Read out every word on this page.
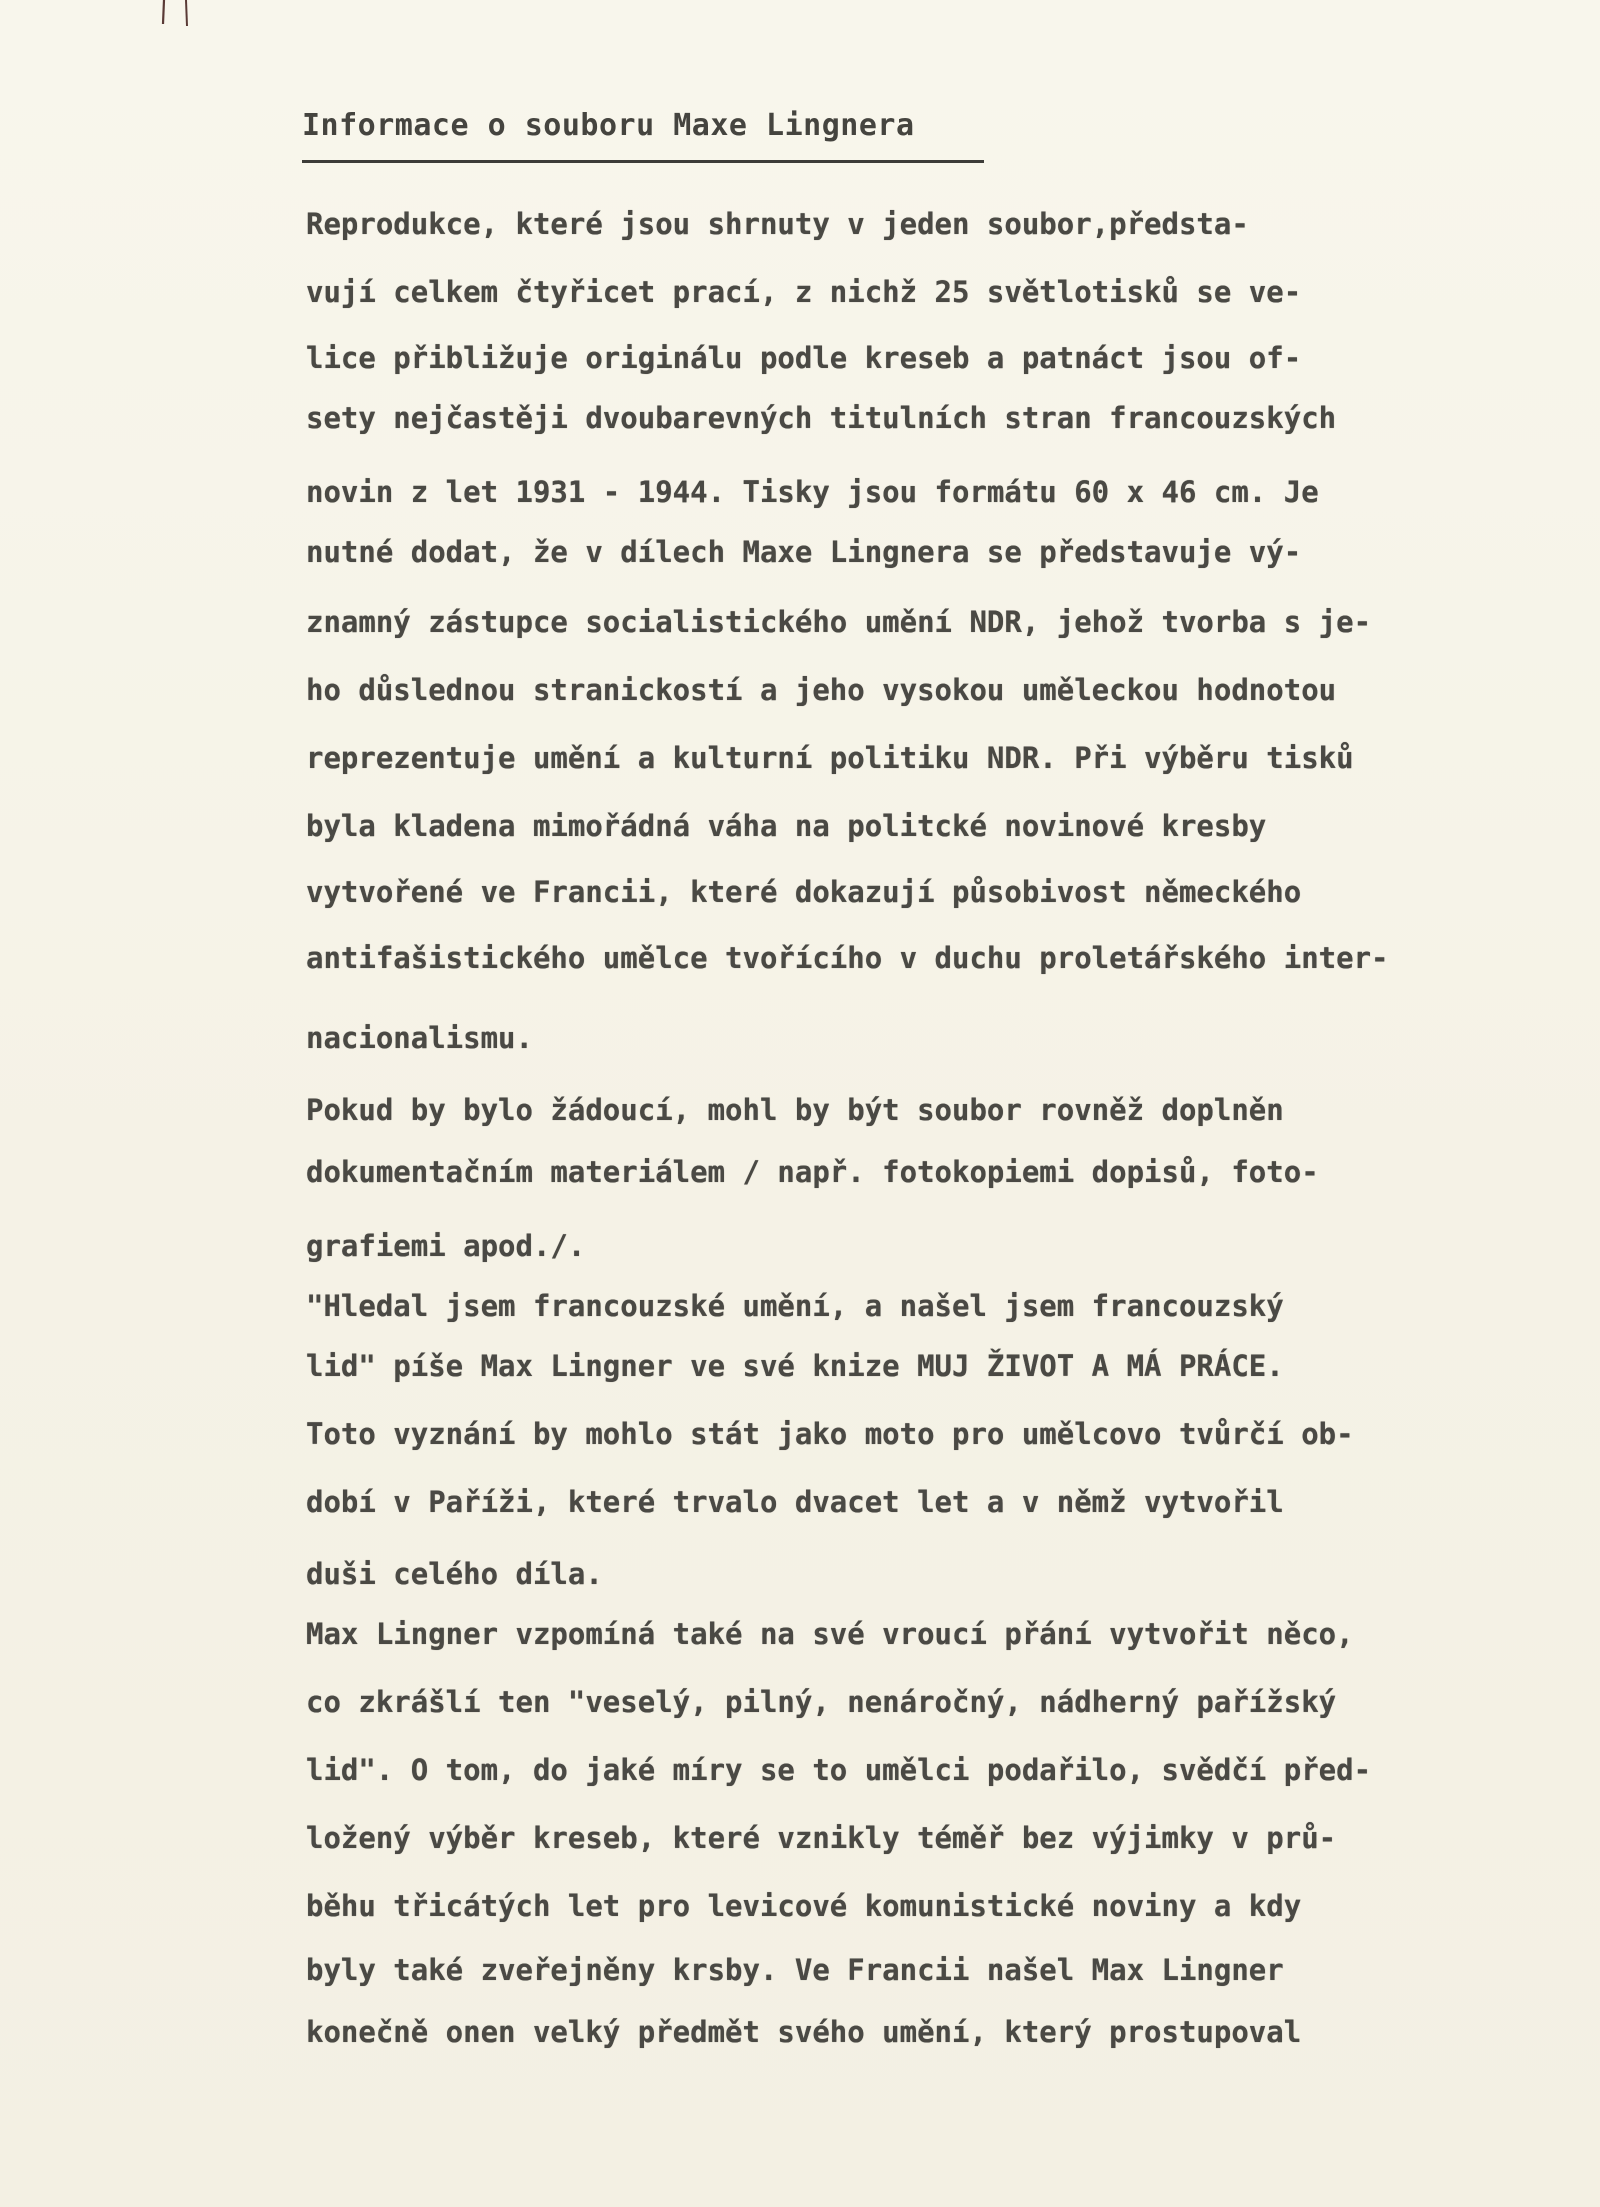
Informace o souboru Maxe Lingnera

Reprodukce, které jsou shrnuty v jeden soubor,předsta-

vují celkem čtyřicet prací, z nichž 25 světlotisků se ve-

lice přibližuje originálu podle kreseb a patnáct jsou of-

sety nejčastěji dvoubarevných titulních stran francouzských

novin z let 1931 - 1944. Tisky jsou formátu 60 x 46 cm. Je

nutné dodat, že v dílech Maxe Lingnera se představuje vý-

znamný zástupce socialistického umění NDR, jehož tvorba s je-

ho důslednou stranickostí a jeho vysokou uměleckou hodnotou

reprezentuje umění a kulturní politiku NDR. Při výběru tisků

byla kladena mimořádná váha na politcké novinové kresby

vytvořené ve Francii, které dokazují působivost německého

antifašistického umělce tvořícího v duchu proletářského inter-

nacionalismu.

Pokud by bylo žádoucí, mohl by být soubor rovněž doplněn

dokumentačním materiálem / např. fotokopiemi dopisů, foto-

grafiemi apod./.

"Hledal jsem francouzské umění, a našel jsem francouzský

lid" píše Max Lingner ve své knize MUJ ŽIVOT A MÁ PRÁCE.

Toto vyznání by mohlo stát jako moto pro umělcovo tvůrčí ob-

dobí v Paříži, které trvalo dvacet let a v němž vytvořil

duši celého díla.

Max Lingner vzpomíná také na své vroucí přání vytvořit něco,

co zkrášlí ten "veselý, pilný, nenáročný, nádherný pařížský

lid". O tom, do jaké míry se to umělci podařilo, svědčí před-

ložený výběr kreseb, které vznikly téměř bez výjimky v prů-

běhu třicátých let pro levicové komunistické noviny a kdy

byly také zveřejněny krsby. Ve Francii našel Max Lingner

konečně onen velký předmět svého umění, který prostupoval
